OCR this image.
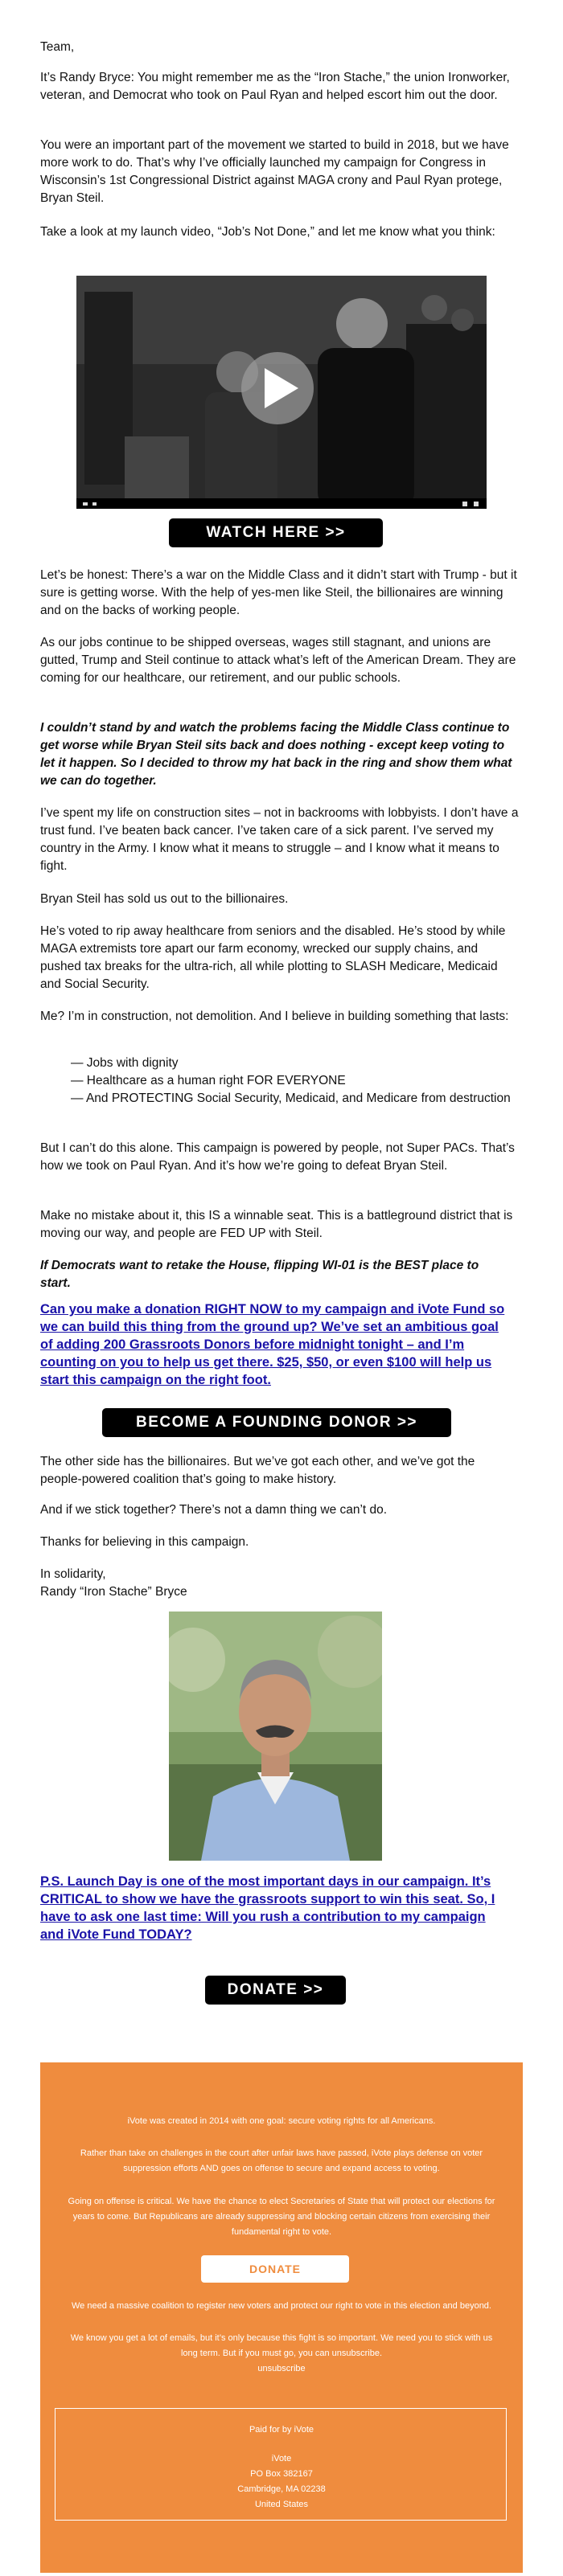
Team,

It’s Randy Bryce: You might remember me as the “Iron Stache,” the union Ironworker, veteran, and Democrat who took on Paul Ryan and helped escort him out the door.

You were an important part of the movement we started to build in 2018, but we have more work to do. That’s why I’ve officially launched my campaign for Congress in Wisconsin’s 1st Congressional District against MAGA crony and Paul Ryan protege, Bryan Steil.

Take a look at my launch video, “Job’s Not Done,” and let me know what you think:

WATCH HERE >>

Let’s be honest: There’s a war on the Middle Class and it didn’t start with Trump - but it sure is getting worse. With the help of yes-men like Steil, the billionaires are winning and on the backs of working people.

As our jobs continue to be shipped overseas, wages still stagnant, and unions are gutted, Trump and Steil continue to attack what’s left of the American Dream. They are coming for our healthcare, our retirement, and our public schools.

I couldn’t stand by and watch the problems facing the Middle Class continue to get worse while Bryan Steil sits back and does nothing - except keep voting to let it happen. So I decided to throw my hat back in the ring and show them what we can do together.

I’ve spent my life on construction sites – not in backrooms with lobbyists. I don’t have a trust fund. I’ve beaten back cancer. I’ve taken care of a sick parent. I’ve served my country in the Army. I know what it means to struggle – and I know what it means to fight.

Bryan Steil has sold us out to the billionaires.

He’s voted to rip away healthcare from seniors and the disabled. He’s stood by while MAGA extremists tore apart our farm economy, wrecked our supply chains, and pushed tax breaks for the ultra-rich, all while plotting to SLASH Medicare, Medicaid and Social Security.

Me? I’m in construction, not demolition. And I believe in building something that lasts:

— Jobs with dignity
— Healthcare as a human right FOR EVERYONE
— And PROTECTING Social Security, Medicaid, and Medicare from destruction

But I can’t do this alone. This campaign is powered by people, not Super PACs. That’s how we took on Paul Ryan. And it’s how we’re going to defeat Bryan Steil.

Make no mistake about it, this IS a winnable seat. This is a battleground district that is moving our way, and people are FED UP with Steil.

If Democrats want to retake the House, flipping WI-01 is the BEST place to start.

Can you make a donation RIGHT NOW to my campaign and iVote Fund so we can build this thing from the ground up? We’ve set an ambitious goal of adding 200 Grassroots Donors before midnight tonight – and I’m counting on you to help us get there. $25, $50, or even $100 will help us start this campaign on the right foot.
BECOME A FOUNDING DONOR >>

The other side has the billionaires. But we’ve got each other, and we’ve got the people-powered coalition that’s going to make history.

And if we stick together? There’s not a damn thing we can’t do.

Thanks for believing in this campaign.

In solidarity,

Randy “Iron Stache” Bryce

P.S. Launch Day is one of the most important days in our campaign. It’s CRITICAL to show we have the grassroots support to win this seat. So, I have to ask one last time: Will you rush a contribution to my campaign and iVote Fund TODAY?
DONATE >>
iVote was created in 2014 with one goal: secure voting rights for all Americans.
Rather than take on challenges in the court after unfair laws have passed, iVote plays defense on voter suppression efforts AND goes on offense to secure and expand access to voting.
Going on offense is critical. We have the chance to elect Secretaries of State that will protect our elections for years to come. But Republicans are already suppressing and blocking certain citizens from exercising their fundamental right to vote.
DONATE
We need a massive coalition to register new voters and protect our right to vote in this election and beyond.
We know you get a lot of emails, but it’s only because this fight is so important. We need you to stick with us long term. But if you must go, you can unsubscribe.
unsubscribe
Paid for by iVote
iVote
PO Box 382167
Cambridge, MA 02238
United States
